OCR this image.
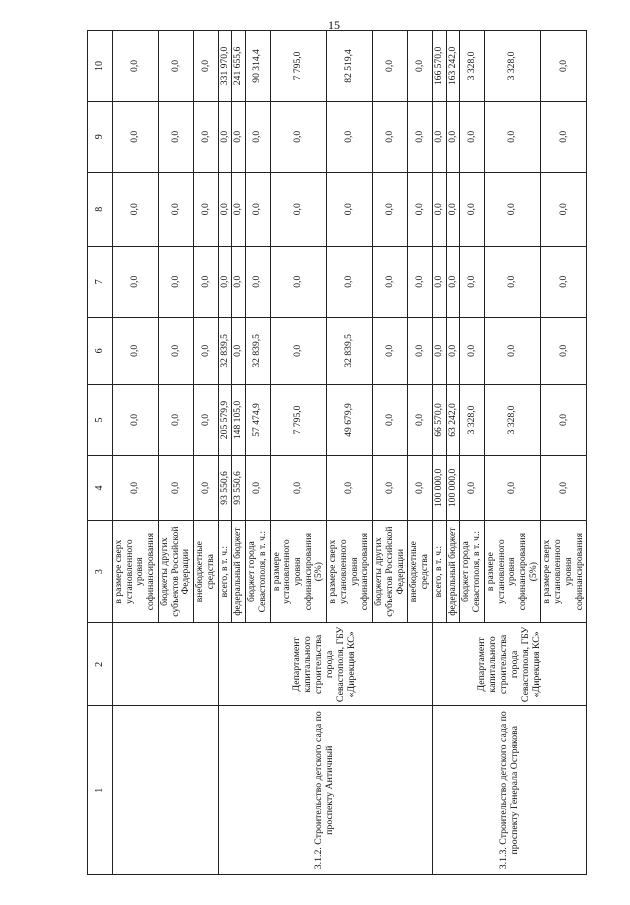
15
1	2	3	4	5	6	7	8	9	10
		в размере сверх установленного уровня софинансирования	0,0	0,0	0,0	0,0	0,0	0,0	0,0
		бюджеты других субъектов Российской Федерации	0,0	0,0	0,0	0,0	0,0	0,0	0,0
		внебюджетные средства	0,0	0,0	0,0	0,0	0,0	0,0	0,0
3.1.2. Строительство детского сада по проспекту Античный	Департамент капитального строительства города Севастополя, ГБУ «Дирекция КС»	всего, в т. ч.:	93 550,6	205 579,9	32 839,5	0,0	0,0	0,0	331 970,0
		федеральный бюджет	93 550,6	148 105,0	0,0	0,0	0,0	0,0	241 655,6
		бюджет города Севастополя, в т. ч.:	0,0	57 474,9	32 839,5	0,0	0,0	0,0	90 314,4
		в размере установленного уровня софинансирования (5%)	0,0	7 795,0	0,0	0,0	0,0	0,0	7 795,0
		в размере сверх установленного уровня софинансирования	0,0	49 679,9	32 839,5	0,0	0,0	0,0	82 519,4
		бюджеты других субъектов Российской Федерации	0,0	0,0	0,0	0,0	0,0	0,0	0,0
		внебюджетные средства	0,0	0,0	0,0	0,0	0,0	0,0	0,0
3.1.3. Строительство детского сада по проспекту Генерала Острякова	Департамент капитального строительства города Севастополя, ГБУ «Дирекция КС»	всего, в т. ч.:	100 000,0	66 570,0	0,0	0,0	0,0	0,0	166 570,0
		федеральный бюджет	100 000,0	63 242,0	0,0	0,0	0,0	0,0	163 242,0
		бюджет города Севастополя, в т. ч.:	0,0	3 328,0	0,0	0,0	0,0	0,0	3 328,0
		в размере установленного уровня софинансирования (5%)	0,0	3 328,0	0,0	0,0	0,0	0,0	3 328,0
		в размере сверх установленного уровня софинансирования	0,0	0,0	0,0	0,0	0,0	0,0	0,0
